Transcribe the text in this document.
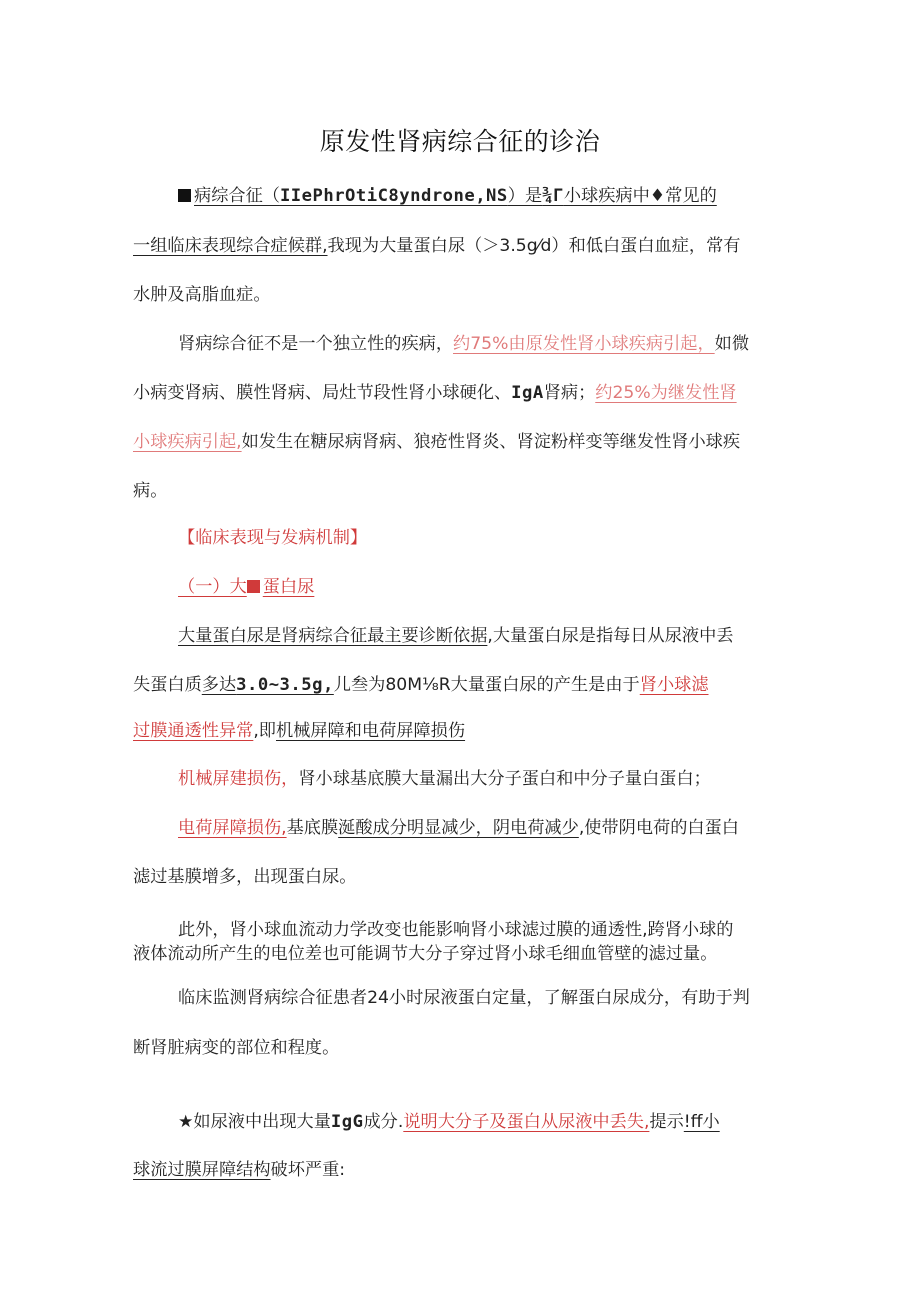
原发性肾病综合征的诊治
病综合征（IIePhrOtiC8yndrone,NS）是¾Γ小球疾病中♦常见的
一组临床表现综合症候群,我现为大量蛋白尿（＞3.5g⁄d）和低白蛋白血症，常有
水肿及高脂血症。
肾病综合征不是一个独立性的疾病，约75%由原发性肾小球疾病引起，如微
小病变肾病、膜性肾病、局灶节段性肾小球硬化、IgA肾病；约25%为继发性肾
小球疾病引起,如发生在糖尿病肾病、狼疮性肾炎、肾淀粉样变等继发性肾小球疾
病。
【临床表现与发病机制】
（一）大 蛋白尿
大量蛋白尿是肾病综合征最主要诊断依据,大量蛋白尿是指每日从尿液中丢
失蛋白质多达3.0~3.5g,儿叁为80M⅛R大量蛋白尿的产生是由于肾小球滤
过膜通透性异常,即机械屏障和电荷屏障损伤
机械屏建损伤，肾小球基底膜大量漏出大分子蛋白和中分子量白蛋白；
电荷屏障损伤,基底膜涎酸成分明显减少，阴电荷减少,使带阴电荷的白蛋白
滤过基膜增多，出现蛋白尿。
此外，肾小球血流动力学改变也能影响肾小球滤过膜的通透性,跨肾小球的
液体流动所产生的电位差也可能调节大分子穿过肾小球毛细血管壁的滤过量。
临床监测肾病综合征患者24小时尿液蛋白定量，了解蛋白尿成分，有助于判
断肾脏病变的部位和程度。
★如尿液中出现大量IgG成分.说明大分子及蛋白从尿液中丢失,提示!ff小
球流过膜屏障结构破坏严重:
